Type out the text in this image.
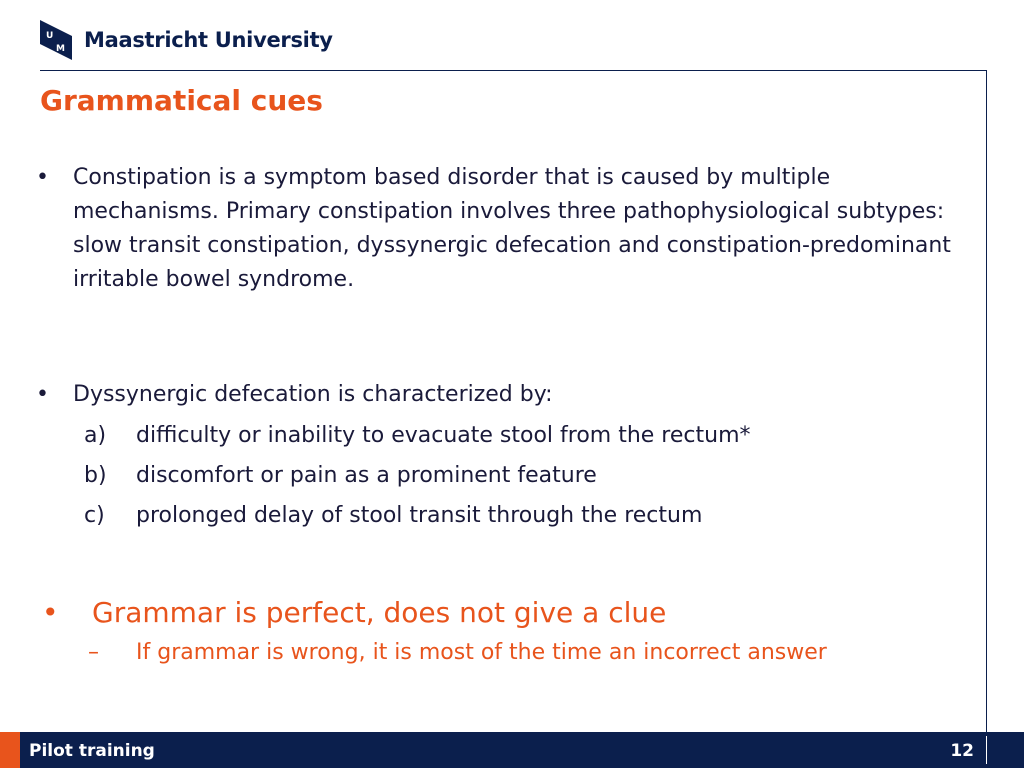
U
M Maastricht University
Grammatical cues
•	Constipation is a symptom based disorder that is caused by multiple mechanisms. Primary constipation involves three pathophysiological subtypes: slow transit constipation, dyssynergic defecation and constipation-predominant irritable bowel syndrome.
•	Dyssynergic defecation is characterized by:
a)	difficulty or inability to evacuate stool from the rectum*
b)	discomfort or pain as a prominent feature
c)	prolonged delay of stool transit through the rectum
•	Grammar is perfect, does not give a clue
–	If grammar is wrong, it is most of the time an incorrect answer
Pilot training	12
